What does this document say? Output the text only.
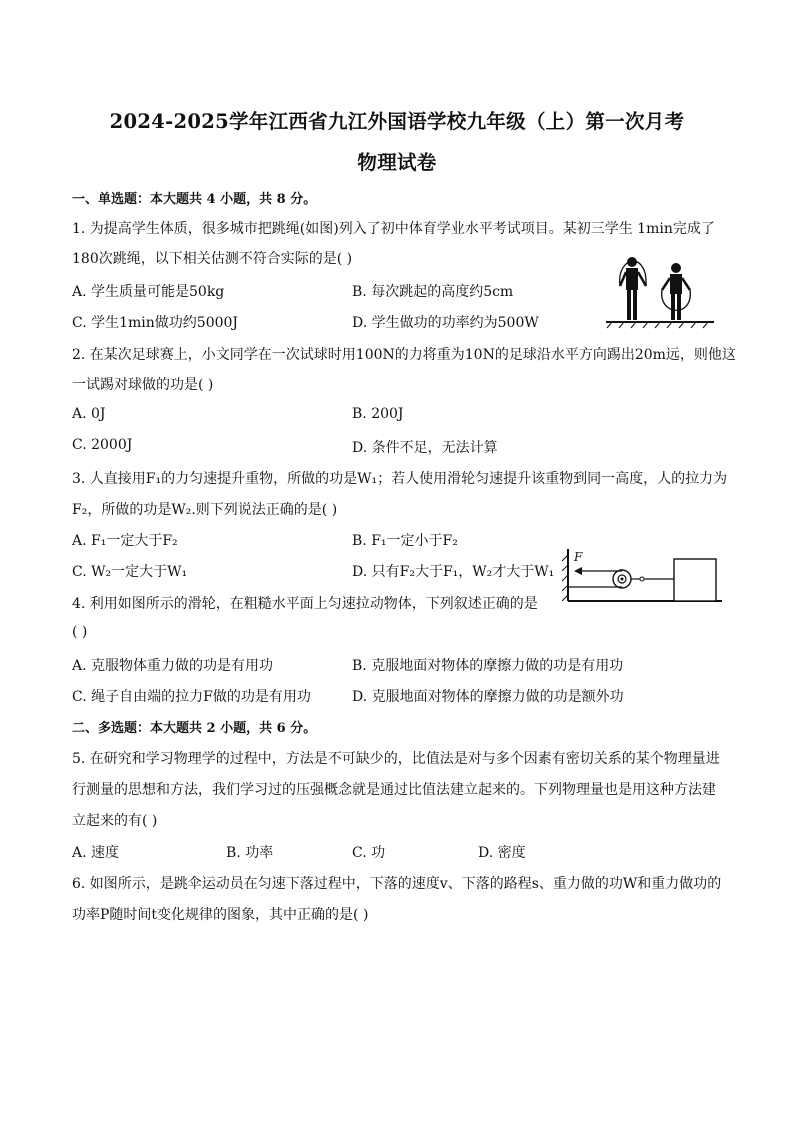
2024-2025学年江西省九江外国语学校九年级（上）第一次月考
物理试卷
一、单选题：本大题共 4 小题，共 8 分。
1. 为提高学生体质，很多城市把跳绳(如图)列入了初中体育学业水平考试项目。某初三学生 1min完成了
180次跳绳，以下相关估测不符合实际的是( )
A. 学生质量可能是50kg	B. 每次跳起的高度约5cm
C. 学生1min做功约5000J	D. 学生做功的功率约为500W
2. 在某次足球赛上，小文同学在一次试球时用100N的力将重为10N的足球沿水平方向踢出20m远，则他这
一试踢对球做的功是( )
A. 0J	B. 200J
C. 2000J	D. 条件不足，无法计算
3. 人直接用F₁的力匀速提升重物，所做的功是W₁；若人使用滑轮匀速提升该重物到同一高度，人的拉力为
F₂，所做的功是W₂.则下列说法正确的是( )
A. F₁一定大于F₂	B. F₁一定小于F₂
C. W₂一定大于W₁	D. 只有F₂大于F₁，W₂才大于W₁
F
4. 利用如图所示的滑轮，在粗糙水平面上匀速拉动物体，下列叙述正确的是
( )
A. 克服物体重力做的功是有用功	B. 克服地面对物体的摩擦力做的功是有用功
C. 绳子自由端的拉力F做的功是有用功	D. 克服地面对物体的摩擦力做的功是额外功
二、多选题：本大题共 2 小题，共 6 分。
5. 在研究和学习物理学的过程中，方法是不可缺少的，比值法是对与多个因素有密切关系的某个物理量进
行测量的思想和方法，我们学习过的压强概念就是通过比值法建立起来的。下列物理量也是用这种方法建
立起来的有( )
A. 速度	B. 功率	C. 功	D. 密度
6. 如图所示，是跳伞运动员在匀速下落过程中，下落的速度v、下落的路程s、重力做的功W和重力做功的
功率P随时间t变化规律的图象，其中正确的是( )
